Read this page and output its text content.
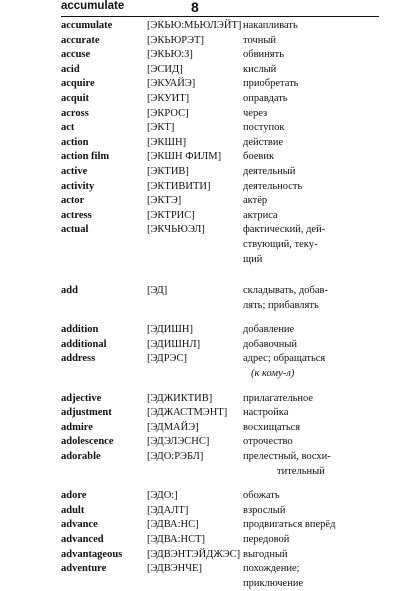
accumulate	8
accumulate	[ЭКЬЮ:МЬЮЛЭЙТ] накапливать
accurate	[ЭКЬЮРЭТ]	точный
accuse	[ЭКЬЮ:З]	обвинять
acid	[ЭСИД]	кислый
acquire	[ЭКУАЙЭ]	приобретать
acquit	[ЭКУИТ]	оправдать
across	[ЭКРОС]	через
act	[ЭКТ]	поступок
action	[ЭКШН]	действие
action film	[ЭКШН ФИЛМ]	боевик
active	[ЭКТИВ]	деятельный
activity	[ЭКТИВИТИ]	деятельность
actor	[ЭКТЭ]	актёр
actress	[ЭКТРИС]	актриса
actual	[ЭКЧЬЮЭЛ]	фактический, дей-
ствующий, теку-
щий
add	[ЭД]	складывать, добав-
лять; прибавлять
addition	[ЭДИШН]	добавление
additional	[ЭДИШНЛ]	добавочный
address	[ЭДРЭС]	адрес; обращаться
(к кому-л)
adjective	[ЭДЖИКТИВ]	прилагательное
adjustment	[ЭДЖАСТМЭНТ]	настройка
admire	[ЭДМАЙЭ]	восхищаться
adolescence	[ЭДЭЛЭСНС]	отрочество
adorable	[ЭДО:РЭБЛ]	прелестный, восхи-
тительный
adore	[ЭДО:]	обожать
adult	[ЭДАЛТ]	взрослый
advance	[ЭДВА:НС]	продвигаться вперёд
advanced	[ЭДВА:НСТ]	передовой
advantageous	[ЭДВЭНТЭЙДЖЭС] выгодный
adventure	[ЭДВЭНЧЕ]	похождение;
приключение
